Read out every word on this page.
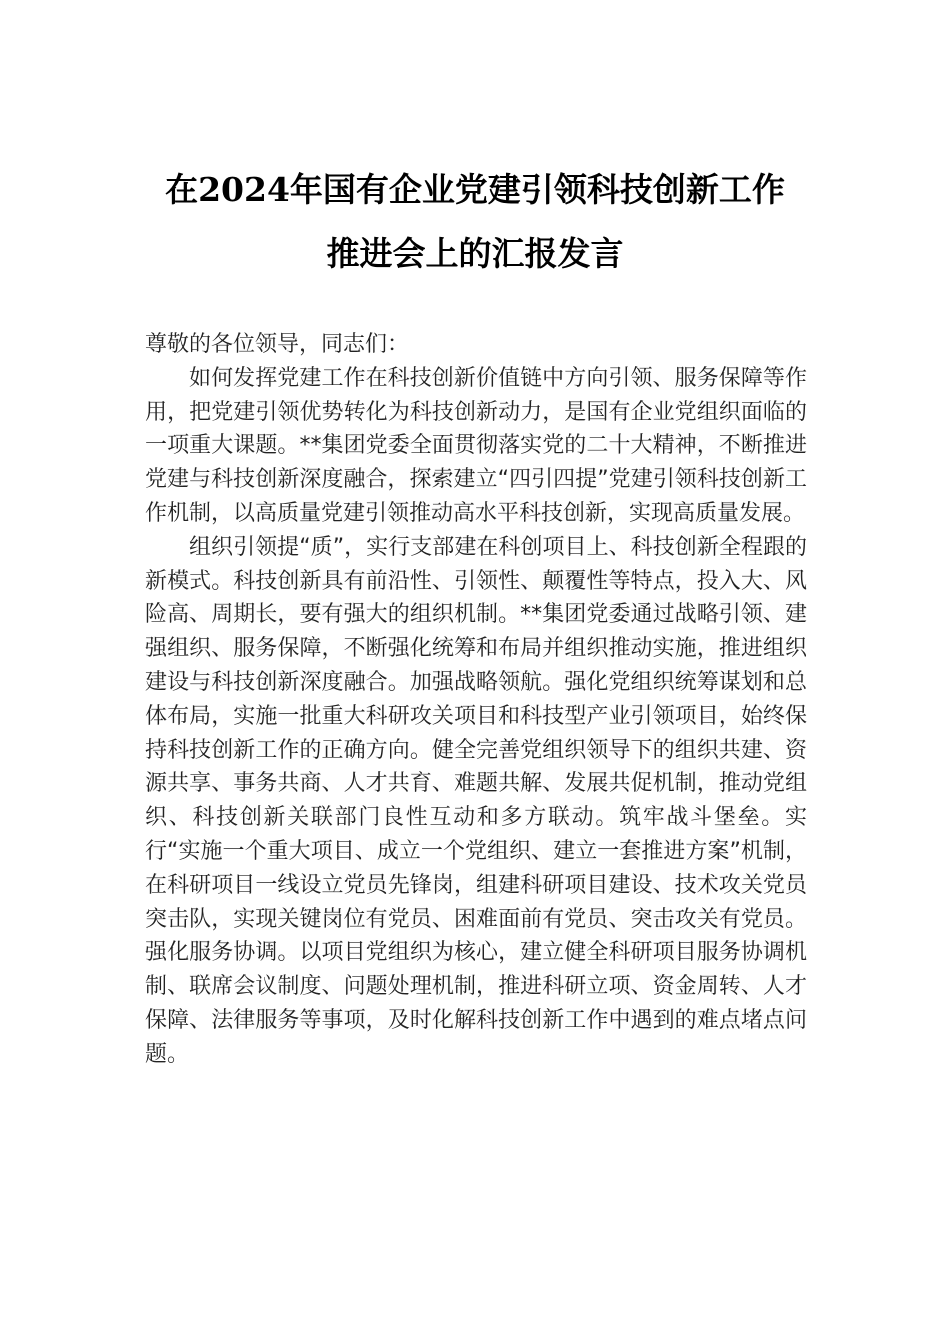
在2024年国有企业党建引领科技创新工作
推进会上的汇报发言

尊敬的各位领导，同志们：

如何发挥党建工作在科技创新价值链中方向引领、服务保障等作用，把党建引领优势转化为科技创新动力，是国有企业党组织面临的一项重大课题。**集团党委全面贯彻落实党的二十大精神，不断推进党建与科技创新深度融合，探索建立“四引四提”党建引领科技创新工作机制，以高质量党建引领推动高水平科技创新，实现高质量发展。

组织引领提“质”，实行支部建在科创项目上、科技创新全程跟的新模式。科技创新具有前沿性、引领性、颠覆性等特点，投入大、风险高、周期长，要有强大的组织机制。**集团党委通过战略引领、建强组织、服务保障，不断强化统筹和布局并组织推动实施，推进组织建设与科技创新深度融合。加强战略领航。强化党组织统筹谋划和总体布局，实施一批重大科研攻关项目和科技型产业引领项目，始终保持科技创新工作的正确方向。健全完善党组织领导下的组织共建、资源共享、事务共商、人才共育、难题共解、发展共促机制，推动党组织、科技创新关联部门良性互动和多方联动。筑牢战斗堡垒。实行“实施一个重大项目、成立一个党组织、建立一套推进方案”机制，在科研项目一线设立党员先锋岗，组建科研项目建设、技术攻关党员突击队，实现关键岗位有党员、困难面前有党员、突击攻关有党员。强化服务协调。以项目党组织为核心，建立健全科研项目服务协调机制、联席会议制度、问题处理机制，推进科研立项、资金周转、人才保障、法律服务等事项，及时化解科技创新工作中遇到的难点堵点问题。
